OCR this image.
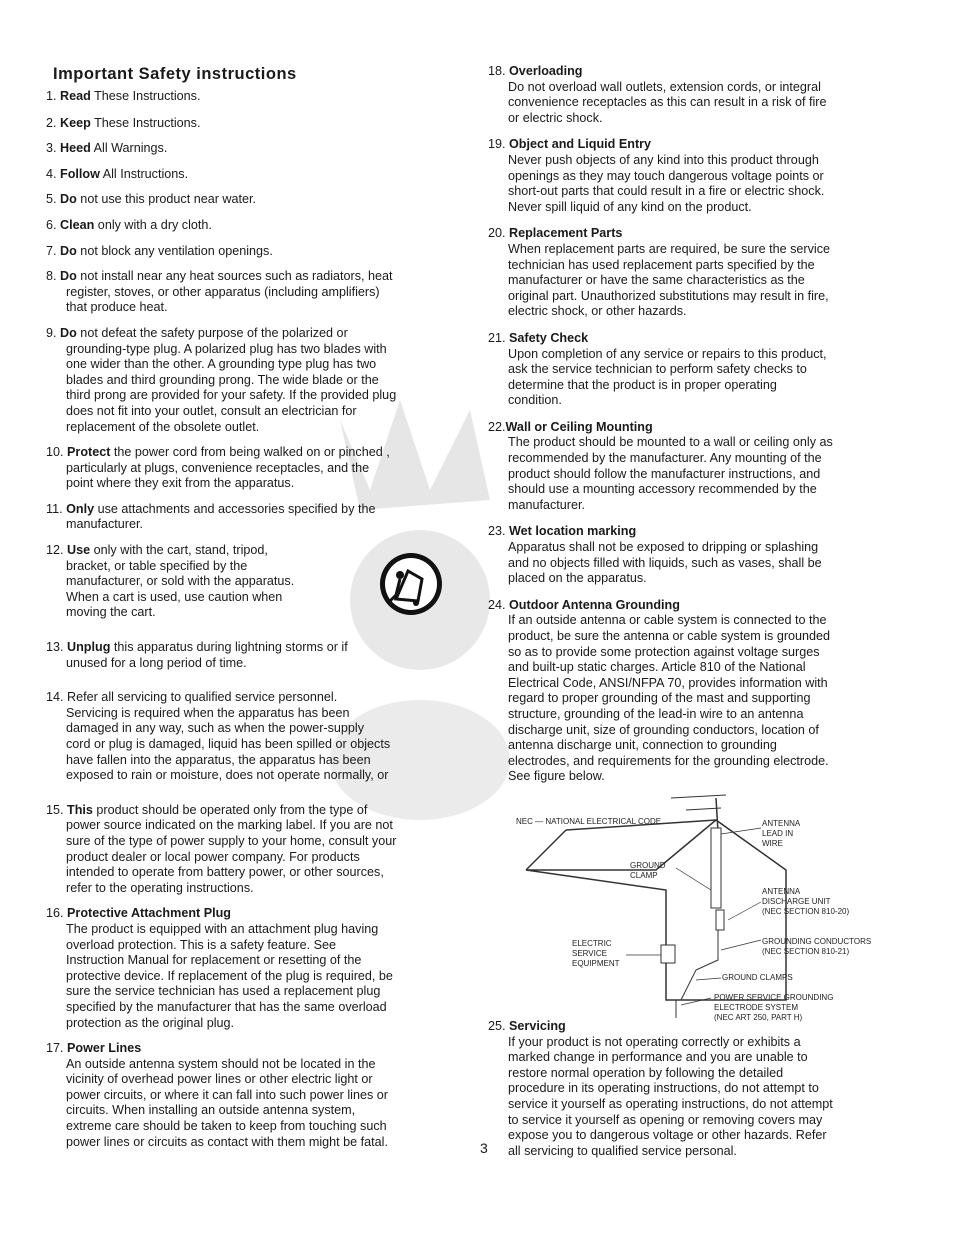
Important Safety instructions
1. Read These Instructions.
2. Keep These Instructions.
3. Heed All Warnings.
4. Follow All Instructions.
5. Do not use this product near water.
6. Clean only with a dry cloth.
7. Do not block any ventilation openings.
8. Do not install near any heat sources such as radiators, heat
register, stoves, or other apparatus (including amplifiers)
that produce heat.
9. Do not defeat the safety purpose of the polarized or
grounding-type plug. A polarized plug has two blades with
one wider than the other. A grounding type plug has two
blades and third grounding prong. The wide blade or the
third prong are provided for your safety. If the provided plug
does not fit into your outlet, consult an electrician for
replacement of the obsolete outlet.
10. Protect the power cord from being walked on or pinched ,
particularly at plugs, convenience receptacles, and the
point where they exit from the apparatus.
11. Only use attachments and accessories specified by the
manufacturer.
12. Use only with the cart, stand, tripod,
bracket, or table specified by the
manufacturer, or sold with the apparatus.
When a cart is used, use caution when
moving the cart.
13. Unplug this apparatus during lightning storms or if
unused for a long period of time.
14. Refer all servicing to qualified service personnel.
Servicing is required when the apparatus has been
damaged in any way, such as when the power-supply
cord or plug is damaged, liquid has been spilled or objects
have fallen into the apparatus, the apparatus has been
exposed to rain or moisture, does not operate normally, or
15. This product should be operated only from the type of
power source indicated on the marking label. If you are not
sure of the type of power supply to your home, consult your
product dealer or local power company. For products
intended to operate from battery power, or other sources,
refer to the operating instructions.
16. Protective Attachment Plug
The product is equipped with an attachment plug having
overload protection. This is a safety feature. See
Instruction Manual for replacement or resetting of the
protective device. If replacement of the plug is required, be
sure the service technician has used a replacement plug
specified by the manufacturer that has the same overload
protection as the original plug.
17. Power Lines
An outside antenna system should not be located in the
vicinity of overhead power lines or other electric light or
power circuits, or where it can fall into such power lines or
circuits. When installing an outside antenna system,
extreme care should be taken to keep from touching such
power lines or circuits as contact with them might be fatal.
18. Overloading
Do not overload wall outlets, extension cords, or integral
convenience receptacles as this can result in a risk of fire
or electric shock.
19. Object and Liquid Entry
Never push objects of any kind into this product through
openings as they may touch dangerous voltage points or
short-out parts that could result in a fire or electric shock.
Never spill liquid of any kind on the product.
20. Replacement Parts
When replacement parts are required, be sure the service
technician has used replacement parts specified by the
manufacturer or have the same characteristics as the
original part. Unauthorized substitutions may result in fire,
electric shock, or other hazards.
21. Safety Check
Upon completion of any service or repairs to this product,
ask the service technician to perform safety checks to
determine that the product is in proper operating
condition.
22.Wall or Ceiling Mounting
The product should be mounted to a wall or ceiling only as
recommended by the manufacturer. Any mounting of the
product should follow the manufacturer instructions, and
should use a mounting accessory recommended by the
manufacturer.
23. Wet location marking
Apparatus shall not be exposed to dripping or splashing
and no objects filled with liquids, such as vases, shall be
placed on the apparatus.
24. Outdoor Antenna Grounding
If an outside antenna or cable system is connected to the
product, be sure the antenna or cable system is grounded
so as to provide some protection against voltage surges
and built-up static charges. Article 810 of the National
Electrical Code, ANSI/NFPA 70, provides information with
regard to proper grounding of the mast and supporting
structure, grounding of the lead-in wire to an antenna
discharge unit, size of grounding conductors, location of
antenna discharge unit, connection to grounding
electrodes, and requirements for the grounding electrode.
See figure below.
25. Servicing
If your product is not operating correctly or exhibits a
marked change in performance and you are unable to
restore normal operation by following the detailed
procedure in its operating instructions, do not attempt to
service it yourself as operating instructions, do not attempt
to service it yourself as opening or removing covers may
expose you to dangerous voltage or other hazards. Refer
all servicing to qualified service personal.
NEC — NATIONAL ELECTRICAL CODE	ANTENNA
LEAD IN
WIRE
GROUND
CLAMP
ANTENNA
DISCHARGE UNIT
(NEC SECTION 810-20)
ELECTRIC
SERVICE
EQUIPMENT
GROUNDING CONDUCTORS
(NEC SECTION 810-21)
GROUND CLAMPS
POWER SERVICE GROUNDING
ELECTRODE SYSTEM
(NEC ART 250, PART H)
3
